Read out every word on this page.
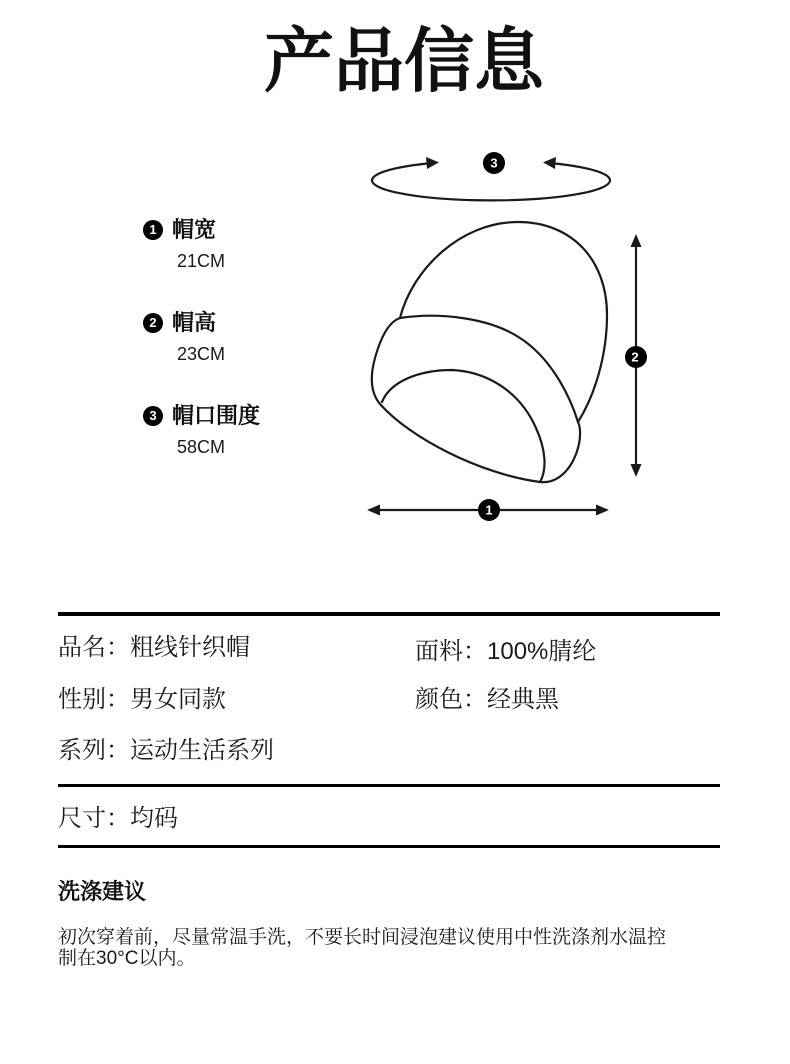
产品信息
1 帽宽
21CM
2 帽高
23CM
3 帽口围度
58CM
3
2
1
品名：粗线针织帽	面料：100%腈纶
性别：男女同款	颜色：经典黑
系列：运动生活系列
尺寸：均码
洗涤建议
初次穿着前，尽量常温手洗，不要长时间浸泡建议使用中性洗涤剂水温控
制在30°C以内。
